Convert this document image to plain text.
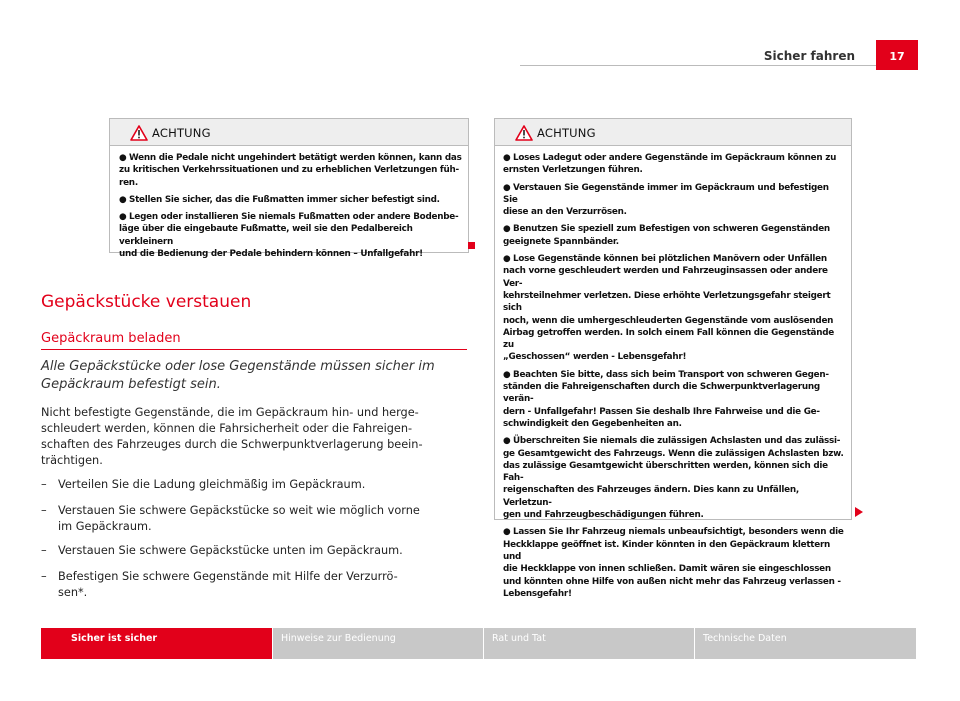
Sicher fahren	17
ACHTUNG

● Wenn die Pedale nicht ungehindert betätigt werden können, kann das
zu kritischen Verkehrssituationen und zu erheblichen Verletzungen füh-
ren.

● Stellen Sie sicher, das die Fußmatten immer sicher befestigt sind.

● Legen oder installieren Sie niemals Fußmatten oder andere Bodenbe-
läge über die eingebaute Fußmatte, weil sie den Pedalbereich verkleinern
und die Bedienung der Pedale behindern können – Unfallgefahr!

Gepäckstücke verstauen
Gepäckraum beladen
Alle Gepäckstücke oder lose Gegenstände müssen sicher im
Gepäckraum befestigt sein.
Nicht befestigte Gegenstände, die im Gepäckraum hin- und herge-
schleudert werden, können die Fahrsicherheit oder die Fahreigen-
schaften des Fahrzeuges durch die Schwerpunktverlagerung beein-
trächtigen.
– Verteilen Sie die Ladung gleichmäßig im Gepäckraum.
– Verstauen Sie schwere Gepäckstücke so weit wie möglich vorne
im Gepäckraum.
– Verstauen Sie schwere Gepäckstücke unten im Gepäckraum.
– Befestigen Sie schwere Gegenstände mit Hilfe der Verzurrö-
sen*.
ACHTUNG

● Loses Ladegut oder andere Gegenstände im Gepäckraum können zu
ernsten Verletzungen führen.

● Verstauen Sie Gegenstände immer im Gepäckraum und befestigen Sie
diese an den Verzurrösen.

● Benutzen Sie speziell zum Befestigen von schweren Gegenständen
geeignete Spannbänder.

● Lose Gegenstände können bei plötzlichen Manövern oder Unfällen
nach vorne geschleudert werden und Fahrzeuginsassen oder andere Ver-
kehrsteilnehmer verletzen. Diese erhöhte Verletzungsgefahr steigert sich
noch, wenn die umhergeschleuderten Gegenstände vom auslösenden
Airbag getroffen werden. In solch einem Fall können die Gegenstände zu
„Geschossen“ werden - Lebensgefahr!

● Beachten Sie bitte, dass sich beim Transport von schweren Gegen-
ständen die Fahreigenschaften durch die Schwerpunktverlagerung verän-
dern - Unfallgefahr! Passen Sie deshalb Ihre Fahrweise und die Ge-
schwindigkeit den Gegebenheiten an.

● Überschreiten Sie niemals die zulässigen Achslasten und das zulässi-
ge Gesamtgewicht des Fahrzeugs. Wenn die zulässigen Achslasten bzw.
das zulässige Gesamtgewicht überschritten werden, können sich die Fah-
reigenschaften des Fahrzeuges ändern. Dies kann zu Unfällen, Verletzun-
gen und Fahrzeugbeschädigungen führen.

● Lassen Sie Ihr Fahrzeug niemals unbeaufsichtigt, besonders wenn die
Heckklappe geöffnet ist. Kinder könnten in den Gepäckraum klettern und
die Heckklappe von innen schließen. Damit wären sie eingeschlossen
und könnten ohne Hilfe von außen nicht mehr das Fahrzeug verlassen -
Lebensgefahr!

Sicher ist sicher	Hinweise zur Bedienung	Rat und Tat	Technische Daten
